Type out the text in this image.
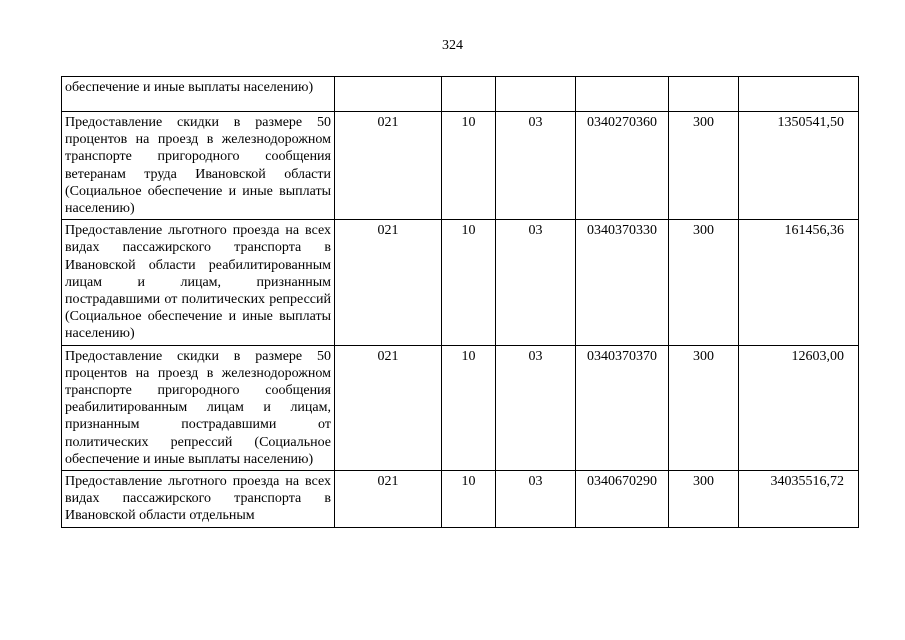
324
обеспечение и иные выплаты населению)						
Предоставление скидки в размере 50 процентов на проезд в железнодорожном транспорте пригородного сообщения ветеранам труда Ивановской области (Социальное обеспечение и иные выплаты населению)	021	10	03	0340270360	300	1350541,50
Предоставление льготного проезда на всех видах пассажирского транспорта в Ивановской области реабилитированным лицам и лицам, признанным пострадавшими от политических репрессий (Социальное обеспечение и иные выплаты населению)	021	10	03	0340370330	300	161456,36
Предоставление скидки в размере 50 процентов на проезд в железнодорожном транспорте пригородного сообщения реабилитированным лицам и лицам, признанным пострадавшими от политических репрессий (Социальное обеспечение и иные выплаты населению)	021	10	03	0340370370	300	12603,00
Предоставление льготного проезда на всех видах пассажирского транспорта в Ивановской области отдельным	021	10	03	0340670290	300	34035516,72
